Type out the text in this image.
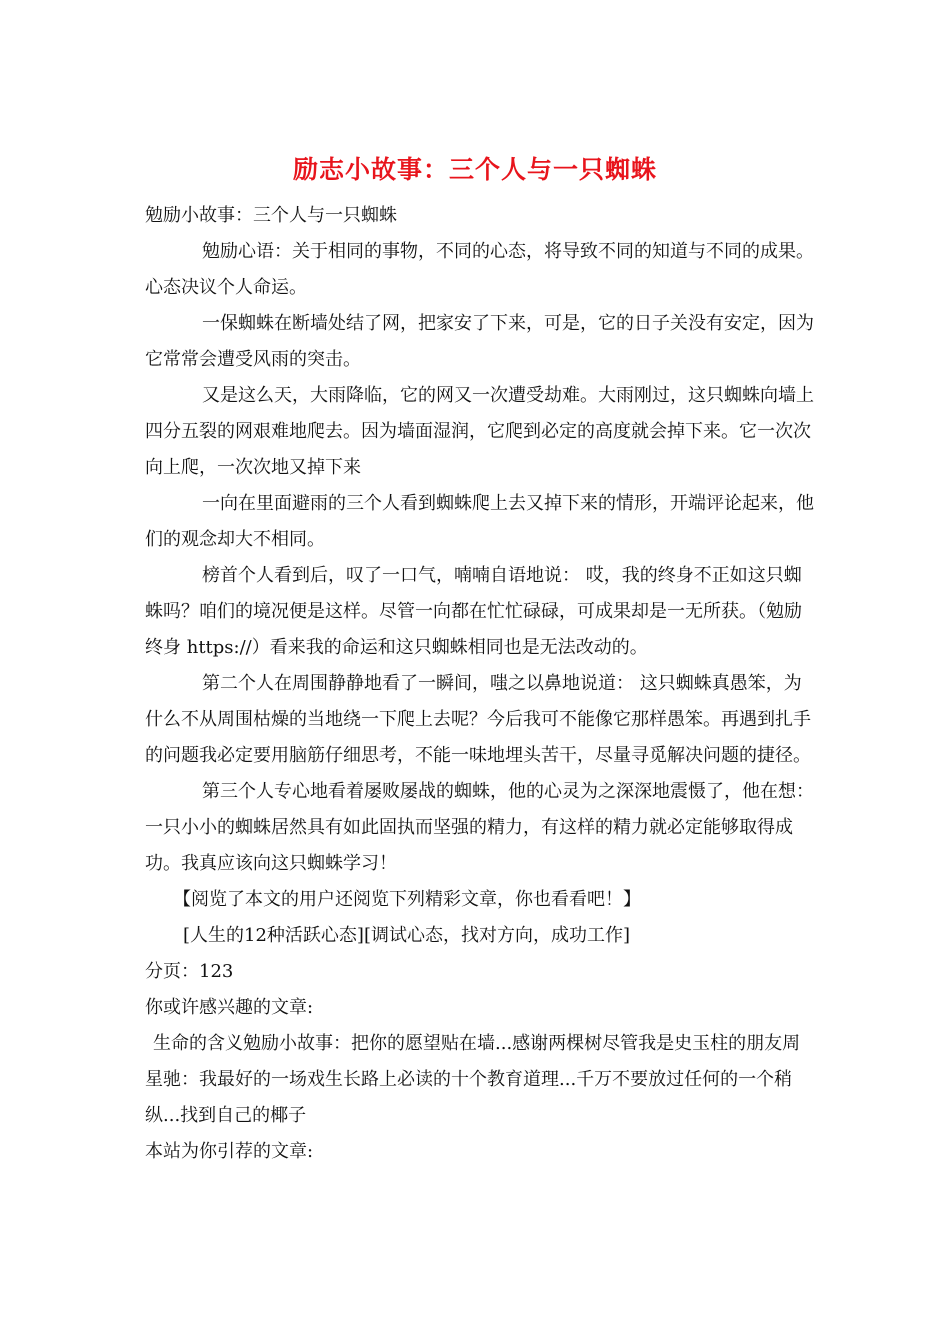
励志小故事：三个人与一只蜘蛛

勉励小故事：三个人与一只蜘蛛

勉励心语：关于相同的事物，不同的心态，将导致不同的知道与不同的成果。心态决议个人命运。

一保蜘蛛在断墙处结了网，把家安了下来，可是，它的日子关没有安定，因为它常常会遭受风雨的突击。

又是这么天，大雨降临，它的网又一次遭受劫难。大雨刚过，这只蜘蛛向墙上四分五裂的网艰难地爬去。因为墙面湿润，它爬到必定的高度就会掉下来。它一次次向上爬，一次次地又掉下来

一向在里面避雨的三个人看到蜘蛛爬上去又掉下来的情形，开端评论起来，他们的观念却大不相同。

榜首个人看到后，叹了一口气，喃喃自语地说： 哎，我的终身不正如这只蜘蛛吗？咱们的境况便是这样。尽管一向都在忙忙碌碌，可成果却是一无所获。（勉励终身 https://）看来我的命运和这只蜘蛛相同也是无法改动的。

第二个人在周围静静地看了一瞬间，嗤之以鼻地说道： 这只蜘蛛真愚笨，为什么不从周围枯燥的当地绕一下爬上去呢？今后我可不能像它那样愚笨。再遇到扎手的问题我必定要用脑筋仔细思考，不能一味地埋头苦干，尽量寻觅解决问题的捷径。

第三个人专心地看着屡败屡战的蜘蛛，他的心灵为之深深地震慑了，他在想： 一只小小的蜘蛛居然具有如此固执而坚强的精力，有这样的精力就必定能够取得成功。我真应该向这只蜘蛛学习！

【阅览了本文的用户还阅览下列精彩文章，你也看看吧！】

[人生的12种活跃心态][调试心态，找对方向，成功工作]

分页：123

你或许感兴趣的文章:

生命的含义勉励小故事：把你的愿望贴在墙...感谢两棵树尽管我是史玉柱的朋友周星驰：我最好的一场戏生长路上必读的十个教育道理...千万不要放过任何的一个稍纵...找到自己的椰子

本站为你引荐的文章:
